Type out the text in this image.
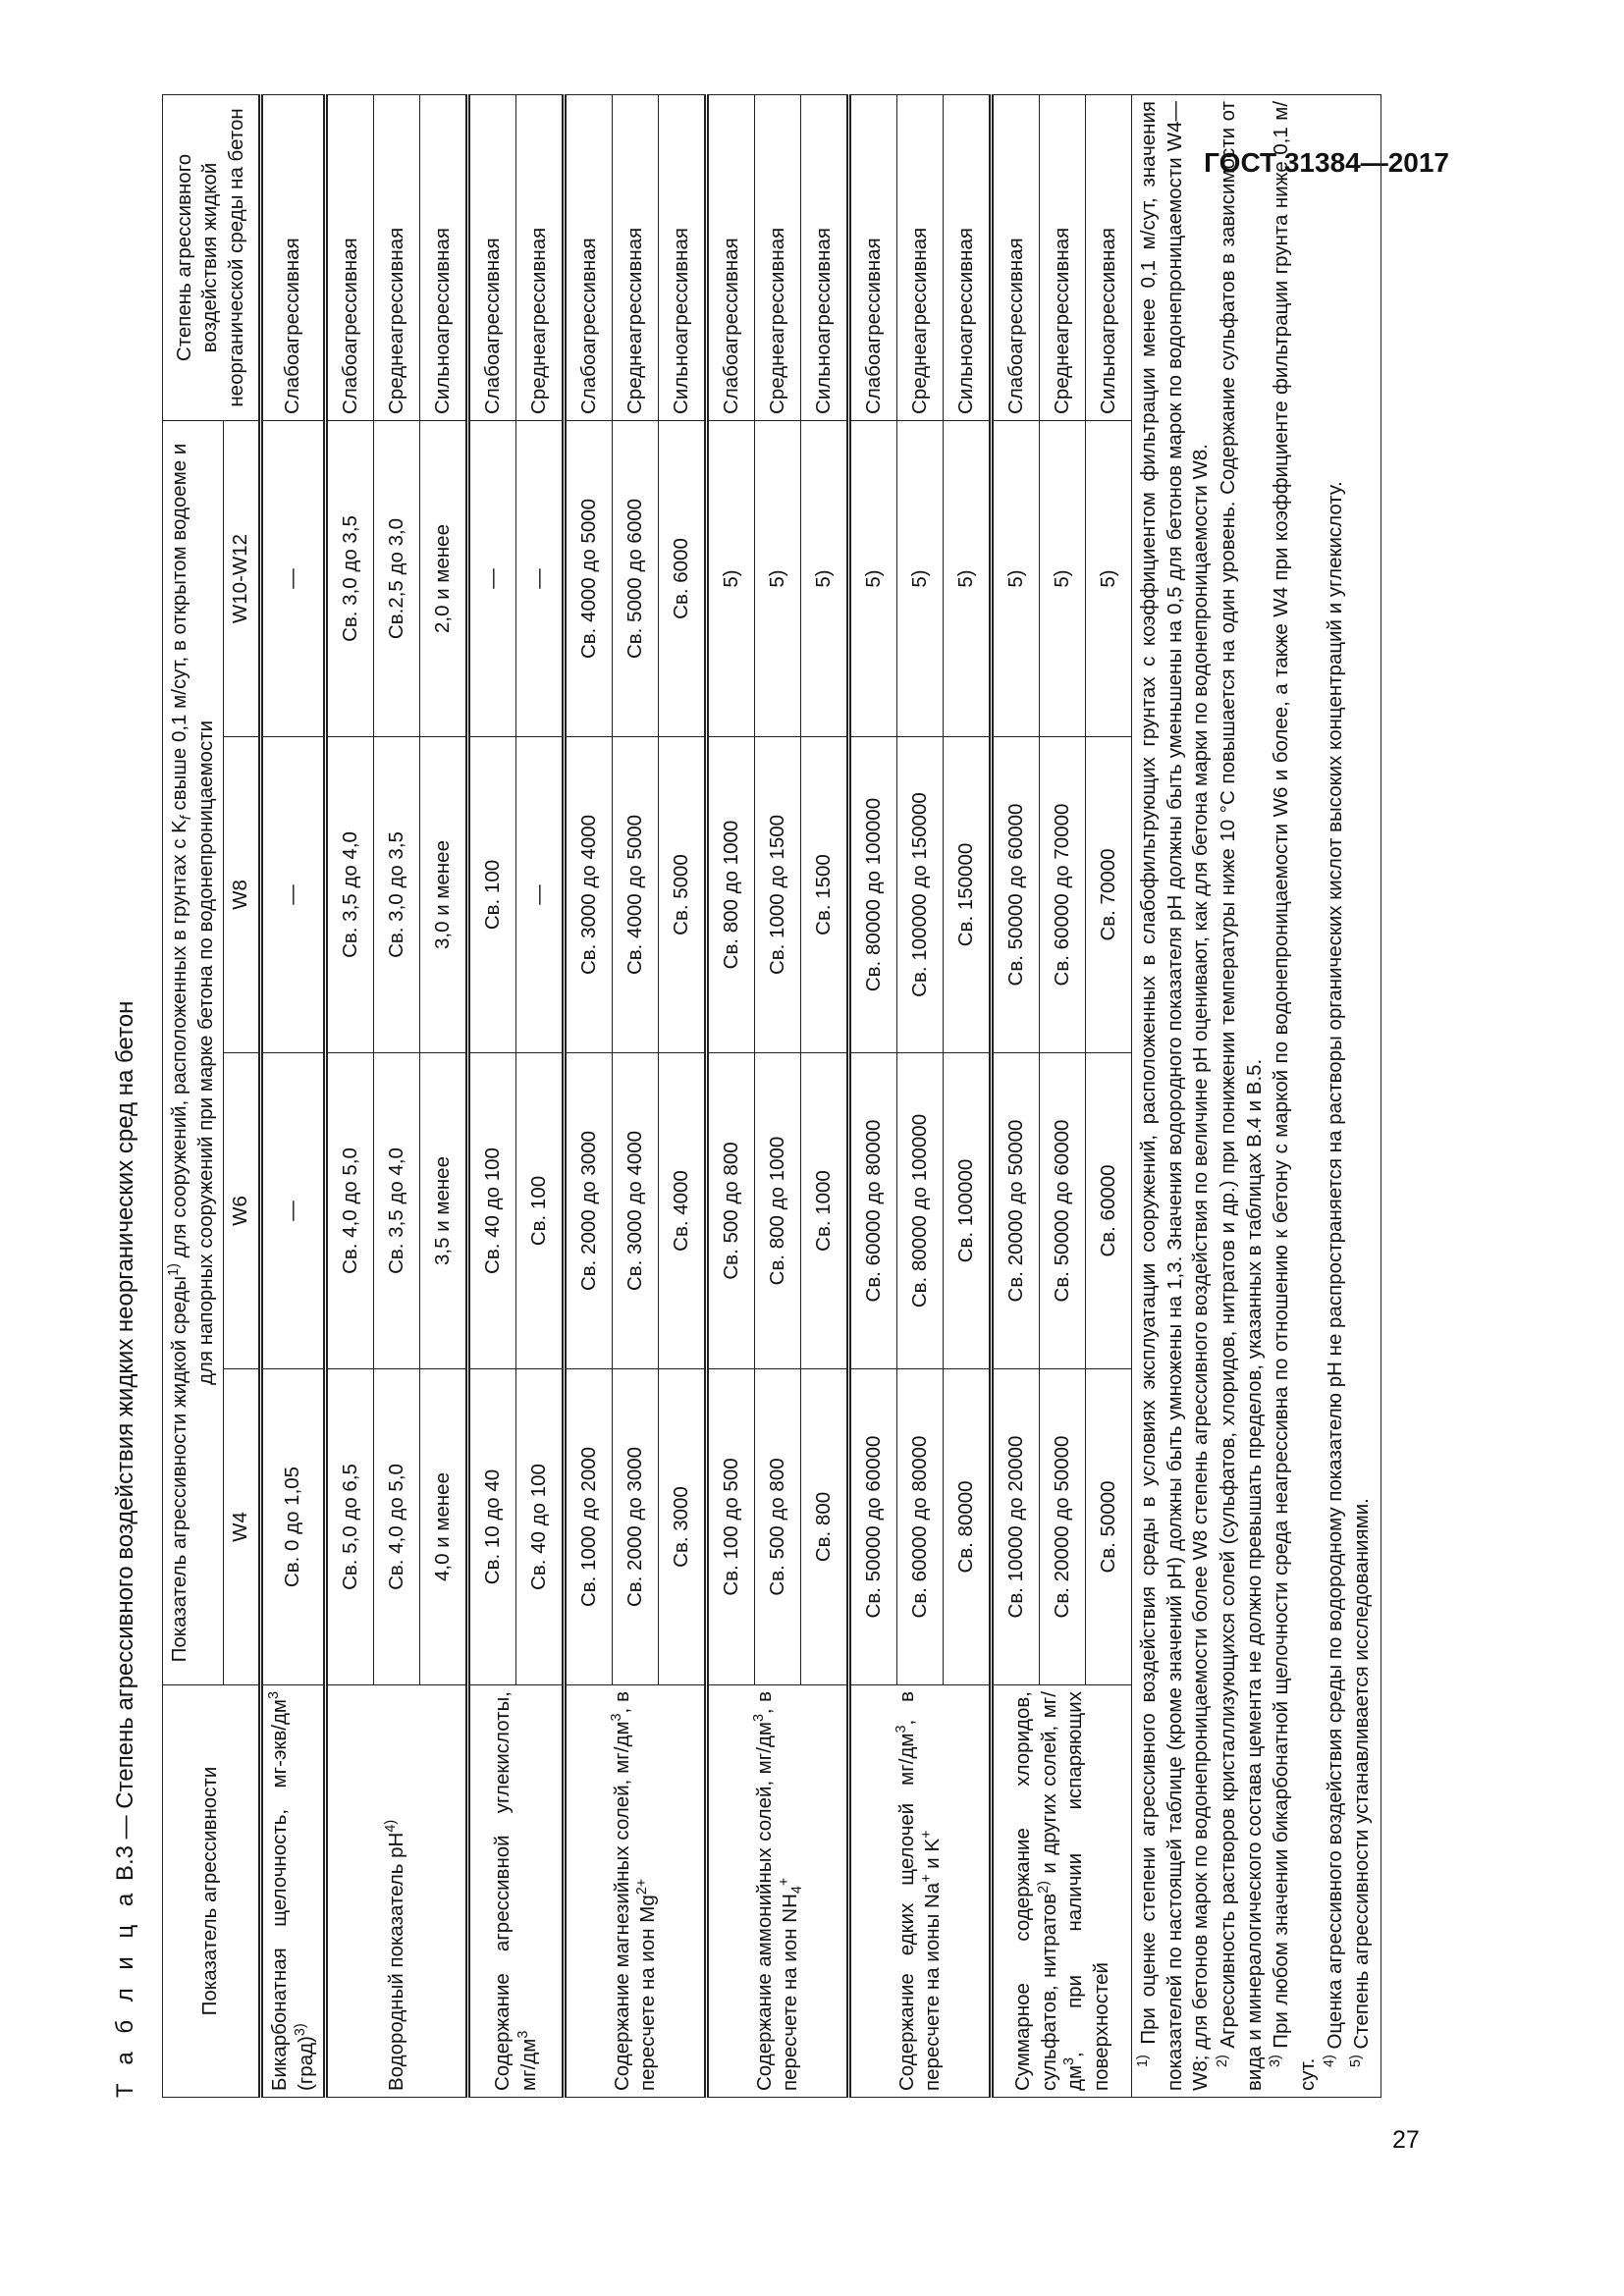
ГОСТ 31384—2017
27
Т а б л и ц а В.3 — Степень агрессивного воздействия жидких неорганических сред на бетон
Показатель агрессивности	Показатель агрессивности жидкой среды$^{1)}$ для сооружений, расположенных в грунтах с $K_f$ свыше 0,1 м/сут, в открытом водоеме и для напорных сооружений при марке бетона по водонепроницаемости				Степень агрессивного воздействия жидкой неорганической среды на бетон
	W4	W6	W8	W10-W12	
Бикарбонатная щелочность, $мг-экв/дм^3$ (град)$^{3)}$	Св. 0 до 1,05	—	—	—	Слабоагрессивная
Водородный показатель $pH^{4)}$	Св. 5,0 до 6,5	Св. 4,0 до 5,0	Св. 3,5 до 4,0	Св. 3,0 до 3,5	Слабоагрессивная
	Св. 4,0 до 5,0	Св. 3,5 до 4,0	Св. 3,0 до 3,5	Св.2,5 до 3,0	Среднеагрессивная
	4,0 и менее	3,5 и менее	3,0 и менее	2,0 и менее	Сильноагрессивная
Содержание агрессивной углекислоты, $мг/дм^3$	Св. 10 до 40	Св. 40 до 100	Св. 100	—	Слабоагрессивная
	Св. 40 до 100	Св. 100	—	—	Среднеагрессивная
Содержание магнезийных солей, $мг/дм^3$, в пересчете на ион $Mg^{2+}$	Св. 1000 до 2000	Св. 2000 до 3000	Св. 3000 до 4000	Св. 4000 до 5000	Слабоагрессивная
	Св. 2000 до 3000	Св. 3000 до 4000	Св. 4000 до 5000	Св. 5000 до 6000	Среднеагрессивная
	Св. 3000	Св. 4000	Св. 5000	Св. 6000	Сильноагрессивная
Содержание аммонийных солей, $мг/дм^3$, в пересчете на ион $NH_4^+$	Св. 100 до 500	Св. 500 до 800	Св. 800 до 1000	5)	Слабоагрессивная
	Св. 500 до 800	Св. 800 до 1000	Св. 1000 до 1500	5)	Среднеагрессивная
	Св. 800	Св. 1000	Св. 1500	5)	Сильноагрессивная
Содержание едких щелочей $мг/дм^3$, в пересчете на ионы Na+ и K+	Св. 50000 до 60000	Св. 60000 до 80000	Св. 80000 до 100000	5)	Слабоагрессивная
	Св. 60000 до 80000	Св. 80000 до 100000	Св. 100000 до 150000	5)	Среднеагрессивная
	Св. 80000	Св. 100000	Св. 150000	5)	Сильноагрессивная
Суммарное содержание хлоридов, сульфатов, нитратов$^{2)}$ и других солей, $мг/дм^3$, при наличии испаряющих поверхностей	Св. 10000 до 20000	Св. 20000 до 50000	Св. 50000 до 60000	5)	Слабоагрессивная
	Св. 20000 до 50000	Св. 50000 до 60000	Св. 60000 до 70000	5)	Среднеагрессивная
	Св. 50000	Св. 60000	Св. 70000	5)	Сильноагрессивная

$^{1)}$ При оценке степени агрессивного воздействия среды в условиях эксплуатации сооружений, расположенных в слабофильтрующих грунтах с коэффициентом фильтрации менее 0,1 м/сут, значения показателей по настоящей таблице (кроме значений pH) должны быть умножены на 1,3. Значения водородного показателя pH должны быть уменьшены на 0,5 для бетонов марок по водонепроницаемости W4—W8; для бетонов марок по водонепроницаемости более W8 степень агрессивного воздействия по величине pH оценивают, как для бетона марки по водонепроницаемости W8. $^{2)}$ Агрессивность растворов кристаллизующихся солей (сульфатов, хлоридов, нитратов и др.) при понижении температуры ниже 10 °С повышается на один уровень. Содержание сульфатов в зависимости от вида и минералогического состава цемента не должно превышать пределов, указанных в таблицах В.4 и В.5. $^{3)}$ При любом значении бикарбонатной щелочности среда неагрессивна по отношению к бетону с маркой по водонепроницаемости W6 и более, а также W4 при коэффициенте фильтрации грунта ниже 0,1 м/сут. $^{4)}$ Оценка агрессивного воздействия среды по водородному показателю pH не распространяется на растворы органических кислот высоких концентраций и углекислоту.

$^{5)}$ Степень агрессивности устанавливается исследованиями.					
